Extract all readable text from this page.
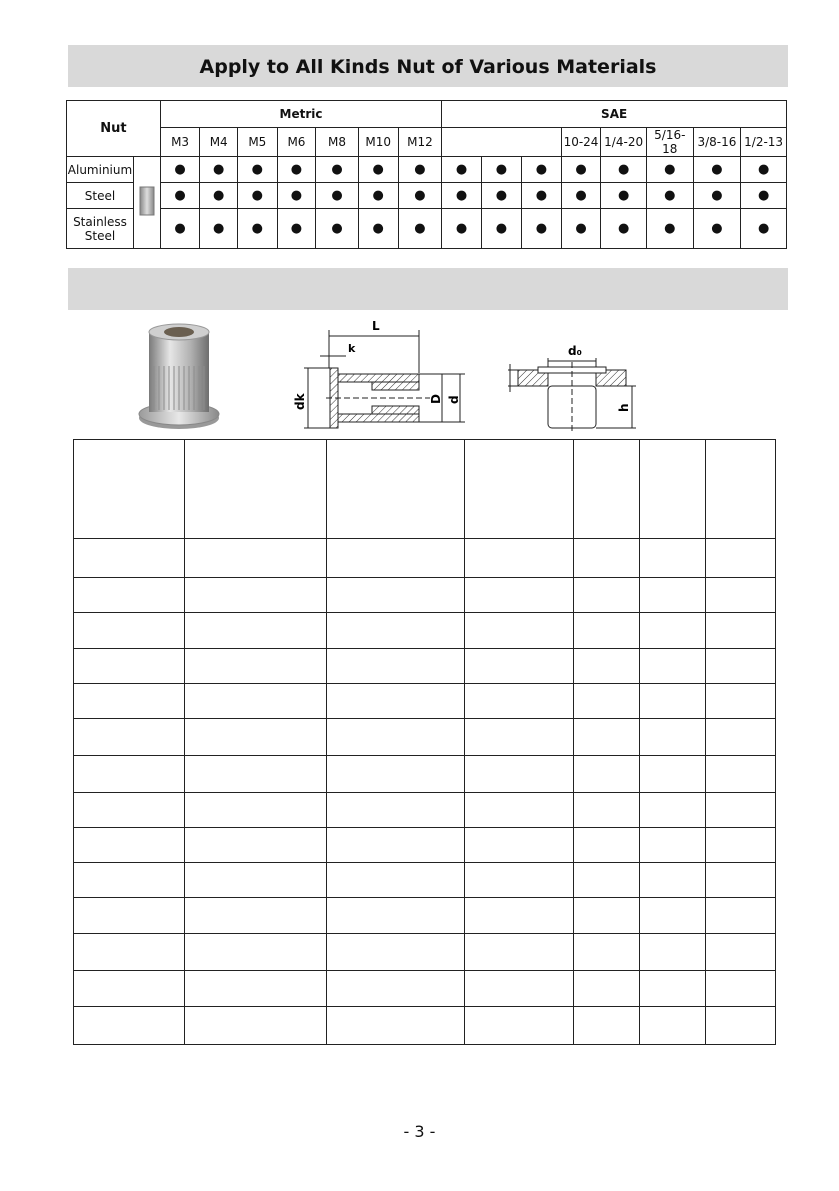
Apply to All Kinds Nut of Various Materials
Nut		Metric							SAE							
		M3	M4	M5	M6	M8	M10	M12				10-24	1/4-20	5/16-18	3/8-16	1/2-13
Aluminium		●	●	●	●	●	●	●	●	●	●	●	●	●	●	●
Steel		●	●	●	●	●	●	●	●	●	●	●	●	●	●	●
Stainless Steel		●	●	●	●	●	●	●	●	●	●	●	●	●	●	●
L
k
dk	D d
d₀
h

- 3 -
